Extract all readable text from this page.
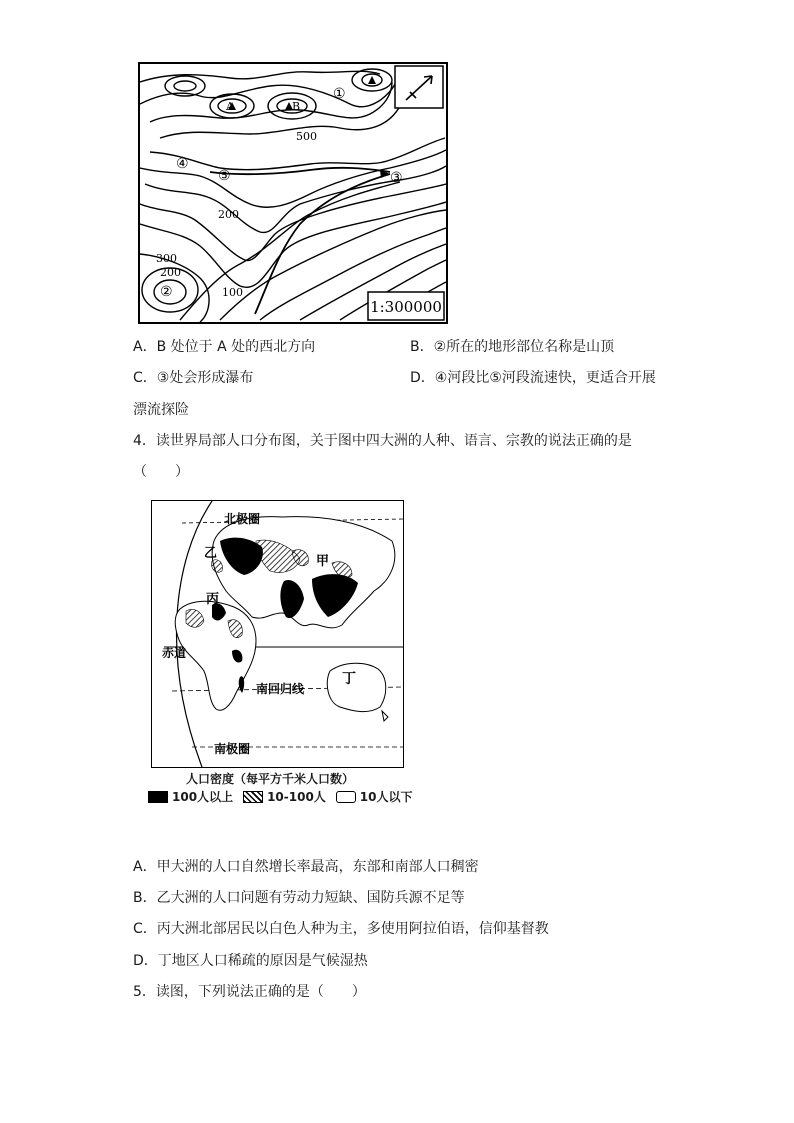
1:300000
A	B
①
②
③
④
⑤
500
200
300
200
100
A．B 处位于 A 处的西北方向	B．②所在的地形部位名称是山顶
C．③处会形成瀑布	D．④河段比⑤河段流速快，更适合开展
漂流探险
4．读世界局部人口分布图，关于图中四大洲的人种、语言、宗教的说法正确的是
（　　）
北极圈
乙
甲
丙
赤道
丁
南回归线
南极圈
人口密度（每平方千米人口数）
100人以上	10-100人	10人以下
A．甲大洲的人口自然增长率最高，东部和南部人口稠密
B．乙大洲的人口问题有劳动力短缺、国防兵源不足等
C．丙大洲北部居民以白色人种为主，多使用阿拉伯语，信仰基督教
D．丁地区人口稀疏的原因是气候湿热
5．读图，下列说法正确的是（　　）
